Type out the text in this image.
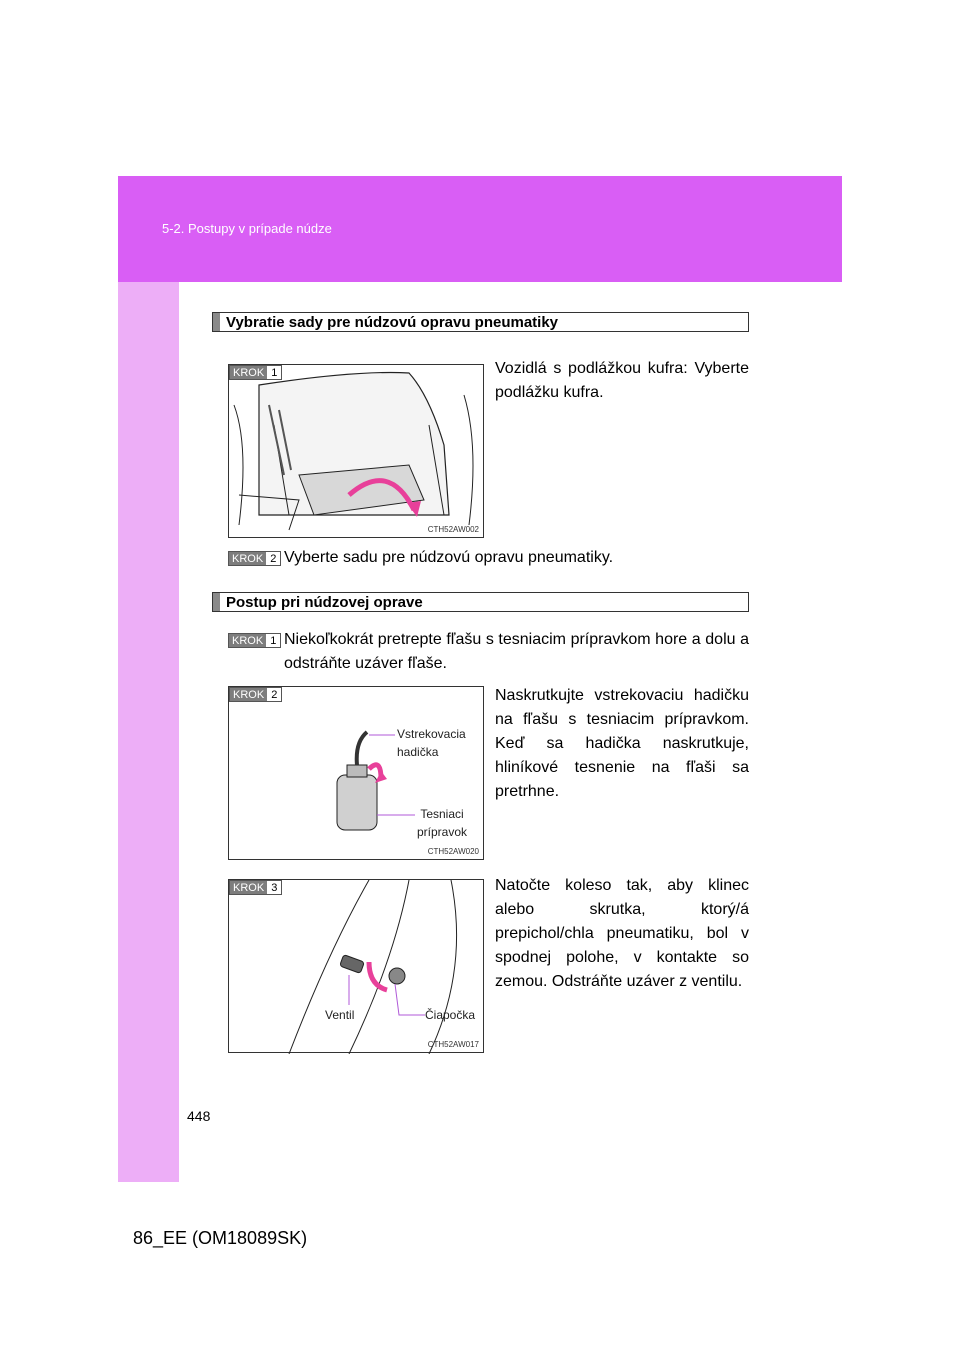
5-2. Postupy v prípade núdze
Vybratie sady pre núdzovú opravu pneumatiky
KROK 1
CTH52AW002
Vozidlá s podlážkou kufra: Vyberte podlážku kufra.
KROK 2 Vyberte sadu pre núdzovú opravu pneumatiky.
Postup pri núdzovej oprave
KROK 1 Niekoľkokrát pretrepte fľašu s tesniacim prípravkom hore a dolu a odstráňte uzáver fľaše.
KROK 2
Vstrekovacia
hadička
Tesniaci
prípravok
CTH52AW020
Naskrutkujte vstrekovaciu hadičku na fľašu s tesniacim prípravkom. Keď sa hadička naskrutkuje, hliníkové tesnenie na fľaši sa pretrhne.
KROK 3
Ventil	Čiapočka
CTH52AW017
Natočte koleso tak, aby klinec alebo skrutka, ktorý/á prepichol/chla pneumatiku, bol v spodnej polohe, v kontakte so zemou. Odstráňte uzáver z ventilu.
448
86_EE (OM18089SK)
